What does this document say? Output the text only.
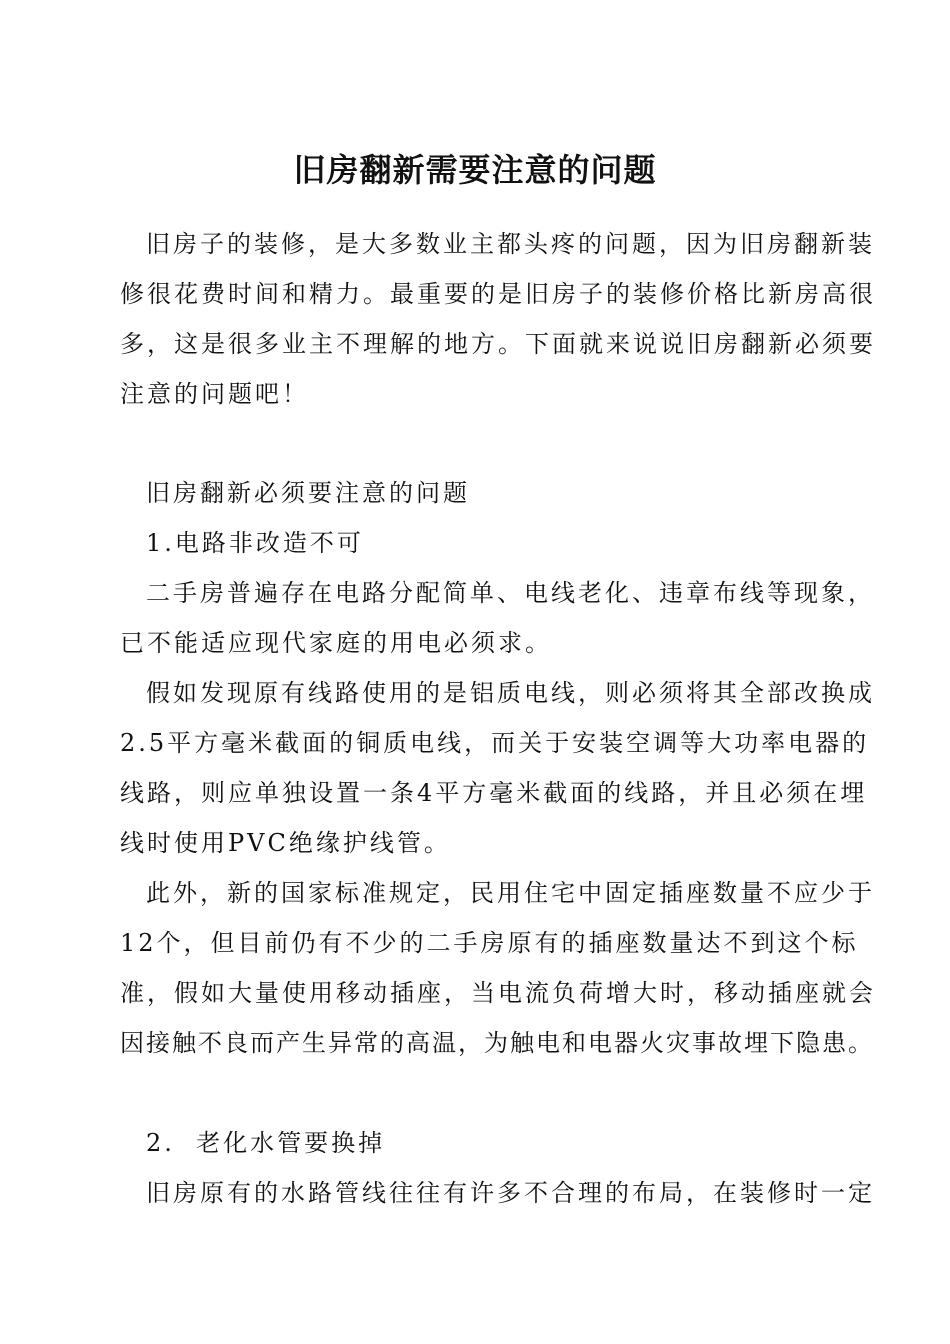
旧房翻新需要注意的问题
旧房子的装修，是大多数业主都头疼的问题，因为旧房翻新装
修很花费时间和精力。最重要的是旧房子的装修价格比新房高很
多，这是很多业主不理解的地方。下面就来说说旧房翻新必须要
注意的问题吧！
旧房翻新必须要注意的问题
1.电路非改造不可
二手房普遍存在电路分配简单、电线老化、违章布线等现象，
已不能适应现代家庭的用电必须求。
假如发现原有线路使用的是铝质电线，则必须将其全部改换成
2.5平方毫米截面的铜质电线，而关于安装空调等大功率电器的
线路，则应单独设置一条4平方毫米截面的线路，并且必须在埋
线时使用PVC绝缘护线管。
此外，新的国家标准规定，民用住宅中固定插座数量不应少于
12个，但目前仍有不少的二手房原有的插座数量达不到这个标
准，假如大量使用移动插座，当电流负荷增大时，移动插座就会
因接触不良而产生异常的高温，为触电和电器火灾事故埋下隐患。
2.  老化水管要换掉
旧房原有的水路管线往往有许多不合理的布局，在装修时一定
